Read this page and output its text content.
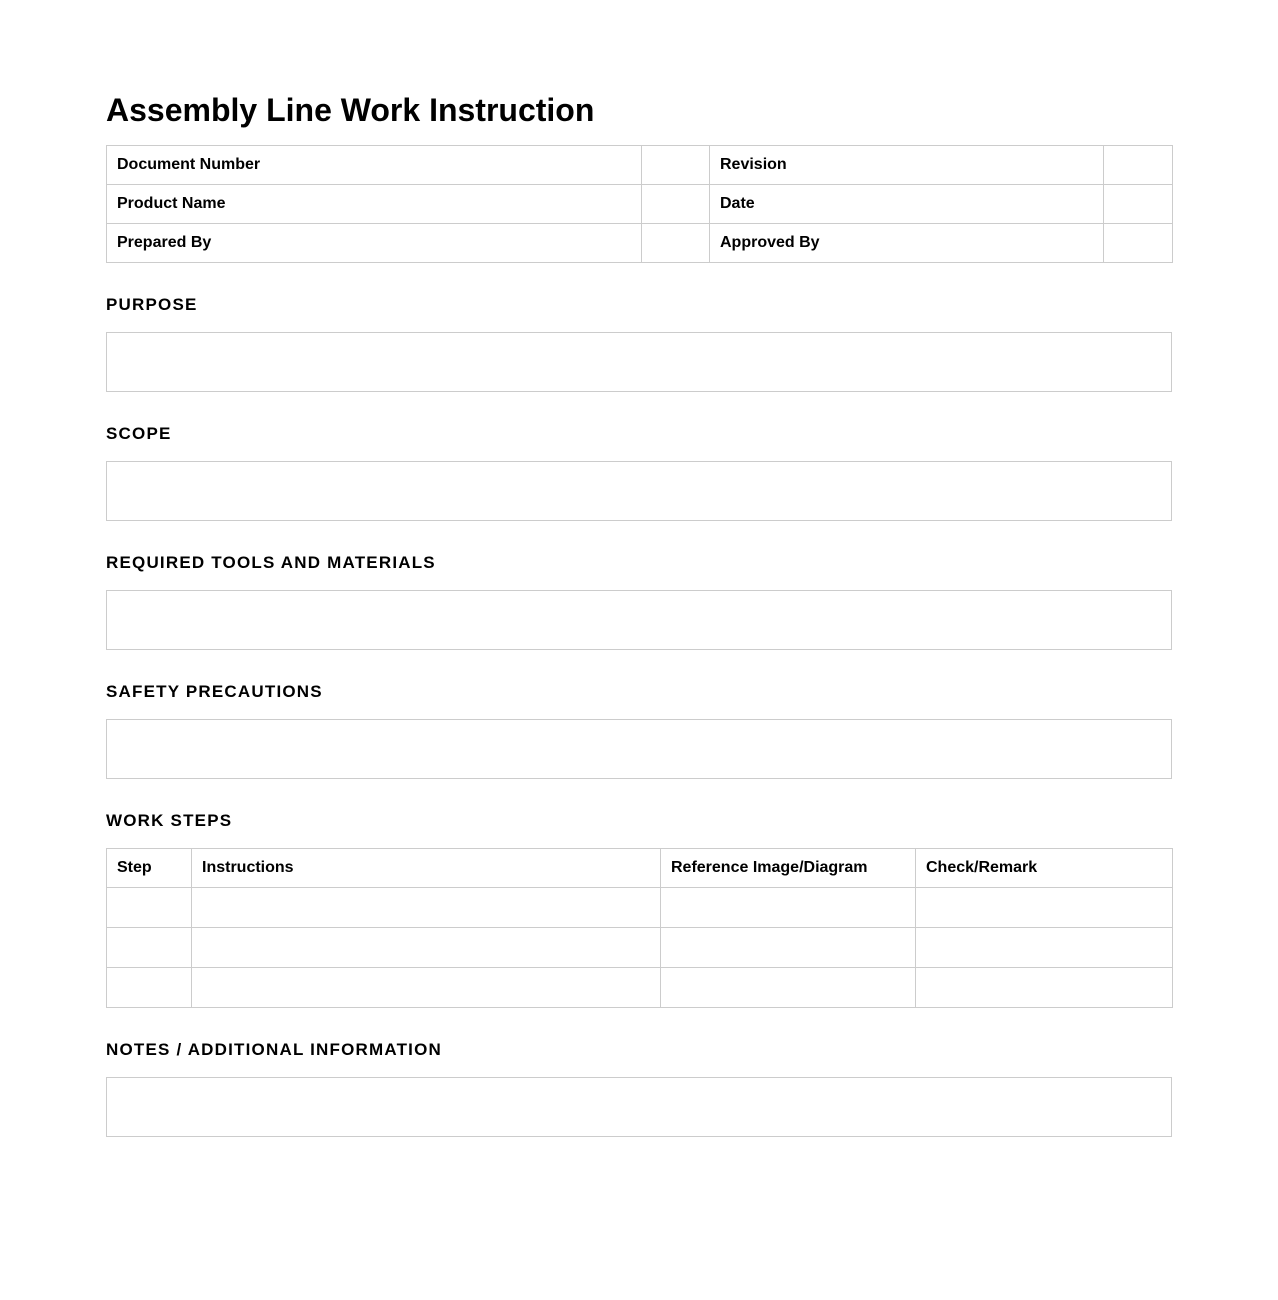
Assembly Line Work Instruction
Document Number		Revision	
Product Name		Date	
Prepared By		Approved By	
PURPOSE
SCOPE
REQUIRED TOOLS AND MATERIALS
SAFETY PRECAUTIONS
WORK STEPS
Step	Instructions	Reference Image/Diagram	Check/Remark

NOTES / ADDITIONAL INFORMATION
